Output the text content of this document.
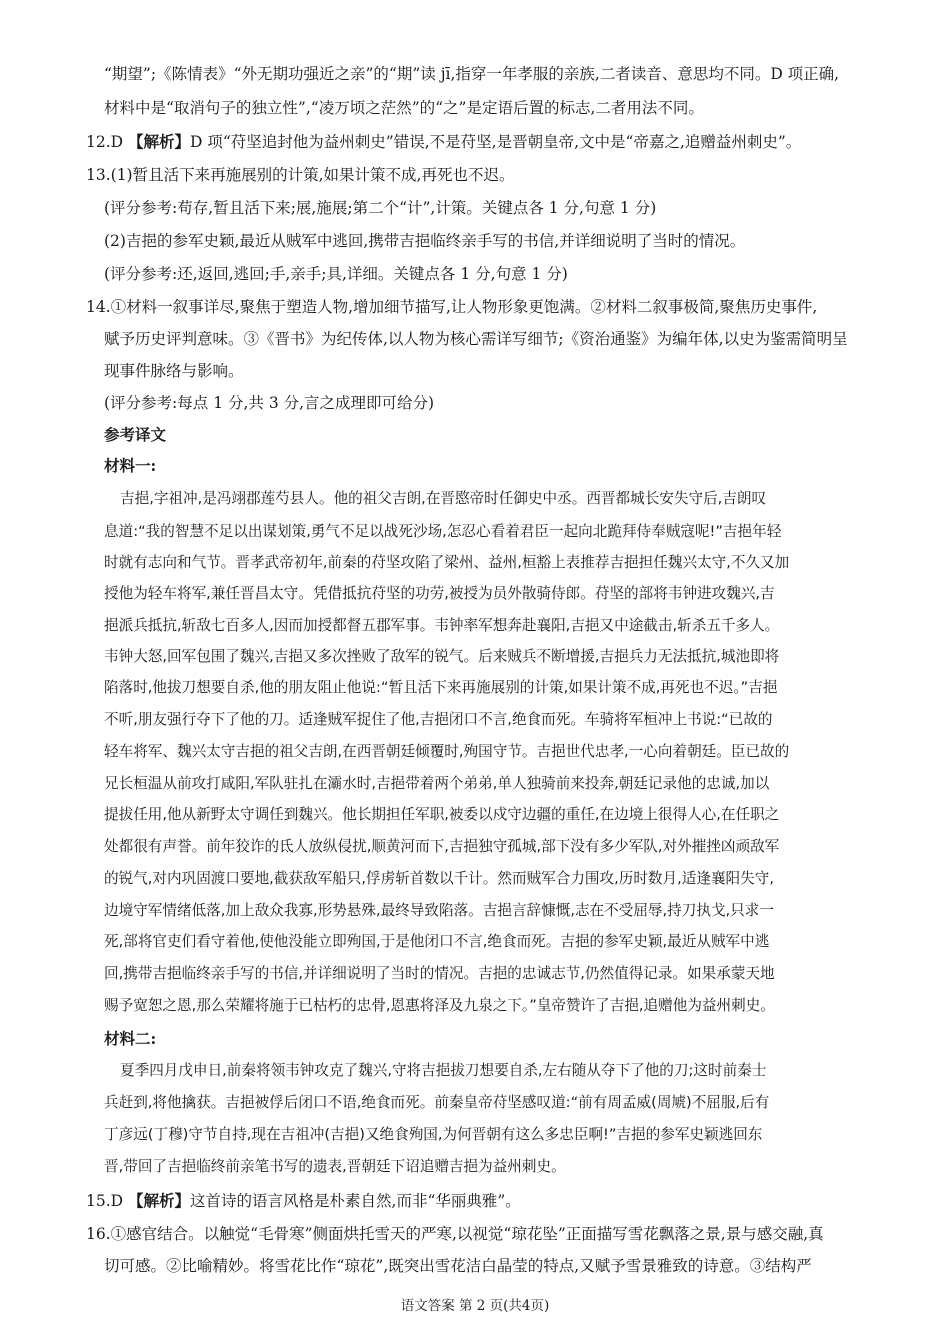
“期望”;《陈情表》“外无期功强近之亲”的“期”读 jī,指穿一年孝服的亲族,二者读音、意思均不同。D 项正确,
材料中是“取消句子的独立性”,“凌万顷之茫然”的“之”是定语后置的标志,二者用法不同。
12.D 【解析】D 项“苻坚追封他为益州刺史”错误,不是苻坚,是晋朝皇帝,文中是“帝嘉之,追赠益州刺史”。
13.(1)暂且活下来再施展别的计策,如果计策不成,再死也不迟。
(评分参考:苟存,暂且活下来;展,施展;第二个“计”,计策。关键点各 1 分,句意 1 分)
(2)吉挹的参军史颖,最近从贼军中逃回,携带吉挹临终亲手写的书信,并详细说明了当时的情况。
(评分参考:还,返回,逃回;手,亲手;具,详细。关键点各 1 分,句意 1 分)
14.①材料一叙事详尽,聚焦于塑造人物,增加细节描写,让人物形象更饱满。②材料二叙事极简,聚焦历史事件,
赋予历史评判意味。③《晋书》为纪传体,以人物为核心需详写细节;《资治通鉴》为编年体,以史为鉴需简明呈
现事件脉络与影响。
(评分参考:每点 1 分,共 3 分,言之成理即可给分)
参考译文
材料一:
吉挹,字祖冲,是冯翊郡莲芍县人。他的祖父吉朗,在晋愍帝时任御史中丞。西晋都城长安失守后,吉朗叹
息道:“我的智慧不足以出谋划策,勇气不足以战死沙场,怎忍心看着君臣一起向北跪拜侍奉贼寇呢!”吉挹年轻
时就有志向和气节。晋孝武帝初年,前秦的苻坚攻陷了梁州、益州,桓豁上表推荐吉挹担任魏兴太守,不久又加
授他为轻车将军,兼任晋昌太守。凭借抵抗苻坚的功劳,被授为员外散骑侍郎。苻坚的部将韦钟进攻魏兴,吉
挹派兵抵抗,斩敌七百多人,因而加授都督五郡军事。韦钟率军想奔赴襄阳,吉挹又中途截击,斩杀五千多人。
韦钟大怒,回军包围了魏兴,吉挹又多次挫败了敌军的锐气。后来贼兵不断增援,吉挹兵力无法抵抗,城池即将
陷落时,他拔刀想要自杀,他的朋友阻止他说:“暂且活下来再施展别的计策,如果计策不成,再死也不迟。”吉挹
不听,朋友强行夺下了他的刀。适逢贼军捉住了他,吉挹闭口不言,绝食而死。车骑将军桓冲上书说:“已故的
轻车将军、魏兴太守吉挹的祖父吉朗,在西晋朝廷倾覆时,殉国守节。吉挹世代忠孝,一心向着朝廷。臣已故的
兄长桓温从前攻打咸阳,军队驻扎在灞水时,吉挹带着两个弟弟,单人独骑前来投奔,朝廷记录他的忠诚,加以
提拔任用,他从新野太守调任到魏兴。他长期担任军职,被委以戍守边疆的重任,在边境上很得人心,在任职之
处都很有声誉。前年狡诈的氐人放纵侵扰,顺黄河而下,吉挹独守孤城,部下没有多少军队,对外摧挫凶顽敌军
的锐气,对内巩固渡口要地,截获敌军船只,俘虏斩首数以千计。然而贼军合力围攻,历时数月,适逢襄阳失守,
边境守军情绪低落,加上敌众我寡,形势悬殊,最终导致陷落。吉挹言辞慷慨,志在不受屈辱,持刀执戈,只求一
死,部将官吏们看守着他,使他没能立即殉国,于是他闭口不言,绝食而死。吉挹的参军史颖,最近从贼军中逃
回,携带吉挹临终亲手写的书信,并详细说明了当时的情况。吉挹的忠诚志节,仍然值得记录。如果承蒙天地
赐予宽恕之恩,那么荣耀将施于已枯朽的忠骨,恩惠将泽及九泉之下。”皇帝赞许了吉挹,追赠他为益州刺史。
材料二:
夏季四月戊申日,前秦将领韦钟攻克了魏兴,守将吉挹拔刀想要自杀,左右随从夺下了他的刀;这时前秦士
兵赶到,将他擒获。吉挹被俘后闭口不语,绝食而死。前秦皇帝苻坚感叹道:“前有周孟威(周虓)不屈服,后有
丁彦远(丁穆)守节自持,现在吉祖冲(吉挹)又绝食殉国,为何晋朝有这么多忠臣啊!”吉挹的参军史颖逃回东
晋,带回了吉挹临终前亲笔书写的遗表,晋朝廷下诏追赠吉挹为益州刺史。
15.D 【解析】这首诗的语言风格是朴素自然,而非“华丽典雅”。
16.①感官结合。以触觉“毛骨寒”侧面烘托雪天的严寒,以视觉“琼花坠”正面描写雪花飘落之景,景与感交融,真
切可感。②比喻精妙。将雪花比作“琼花”,既突出雪花洁白晶莹的特点,又赋予雪景雅致的诗意。③结构严
语文答案 第 2 页(共4页)
